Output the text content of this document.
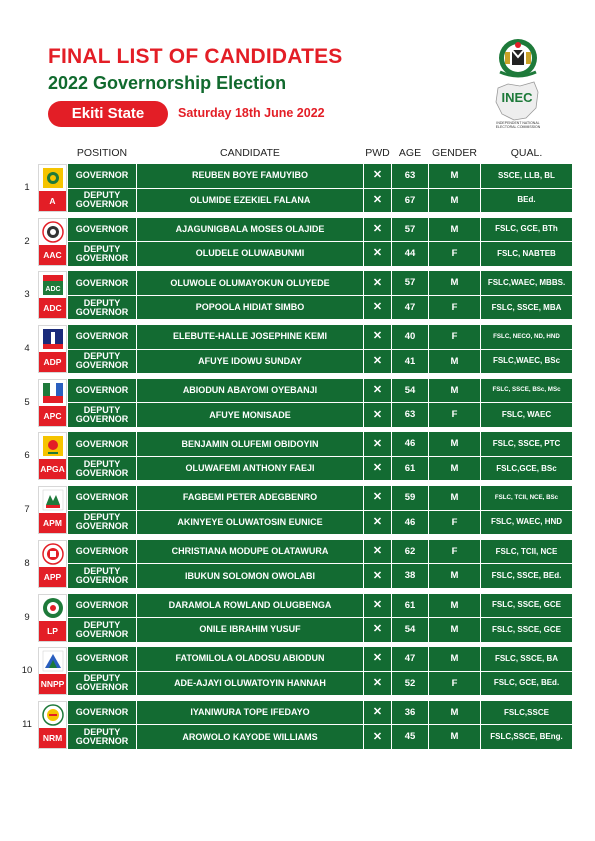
FINAL LIST OF CANDIDATES
2022 Governorship Election
Ekiti State	Saturday 18th June 2022
INEC
INDEPENDENT NATIONAL ELECTORAL COMMISSION
POSITION	CANDIDATE	PWD AGE	GENDER	QUAL.
1
A
GOVERNOR	REUBEN BOYE FAMUYIBO	✕	63	M	SSCE, LLB, BL
DEPUTY GOVERNOR	OLUMIDE EZEKIEL FALANA	✕	67	M	BEd.
2
AAC
GOVERNOR	AJAGUNIGBALA MOSES OLAJIDE	✕	57	M	FSLC, GCE, BTh
DEPUTY GOVERNOR	OLUDELE OLUWABUNMI	✕	44	F	FSLC, NABTEB
3	ADC
ADC
GOVERNOR	OLUWOLE OLUMAYOKUN OLUYEDE	✕	57	M	FSLC,WAEC, MBBS.
DEPUTY GOVERNOR	POPOOLA HIDIAT SIMBO	✕	47	F	FSLC, SSCE, MBA
4
ADP
GOVERNOR	ELEBUTE-HALLE JOSEPHINE KEMI	✕	40	F	FSLC, NECO, ND, HND
DEPUTY GOVERNOR	AFUYE IDOWU SUNDAY	✕	41	M	FSLC,WAEC, BSc
5
APC
GOVERNOR	ABIODUN ABAYOMI OYEBANJI	✕	54	M	FSLC, SSCE, BSc, MSc
DEPUTY GOVERNOR	AFUYE MONISADE	✕	63	F	FSLC, WAEC
6
APGA
GOVERNOR	BENJAMIN OLUFEMI OBIDOYIN	✕	46	M	FSLC, SSCE, PTC
DEPUTY GOVERNOR	OLUWAFEMI ANTHONY FAEJI	✕	61	M	FSLC,GCE, BSc
7
APM
GOVERNOR	FAGBEMI PETER ADEGBENRO	✕	59	M	FSLC, TCII, NCE, BSc
DEPUTY GOVERNOR	AKINYEYE OLUWATOSIN EUNICE	✕	46	F	FSLC, WAEC, HND
8
APP
GOVERNOR	CHRISTIANA MODUPE OLATAWURA	✕	62	F	FSLC, TCII, NCE
DEPUTY GOVERNOR	IBUKUN SOLOMON OWOLABI	✕	38	M	FSLC, SSCE, BEd.
9
LP
GOVERNOR	DARAMOLA ROWLAND OLUGBENGA	✕	61	M	FSLC, SSCE, GCE
DEPUTY GOVERNOR	ONILE IBRAHIM YUSUF	✕	54	M	FSLC, SSCE, GCE
10
NNPP
GOVERNOR	FATOMILOLA OLADOSU ABIODUN	✕	47	M	FSLC, SSCE, BA
DEPUTY GOVERNOR	ADE-AJAYI OLUWATOYIN HANNAH	✕	52	F	FSLC, GCE, BEd.
11
NRM
GOVERNOR	IYANIWURA TOPE IFEDAYO	✕	36	M	FSLC,SSCE
DEPUTY GOVERNOR	AROWOLO KAYODE WILLIAMS	✕	45	M	FSLC,SSCE, BEng.
